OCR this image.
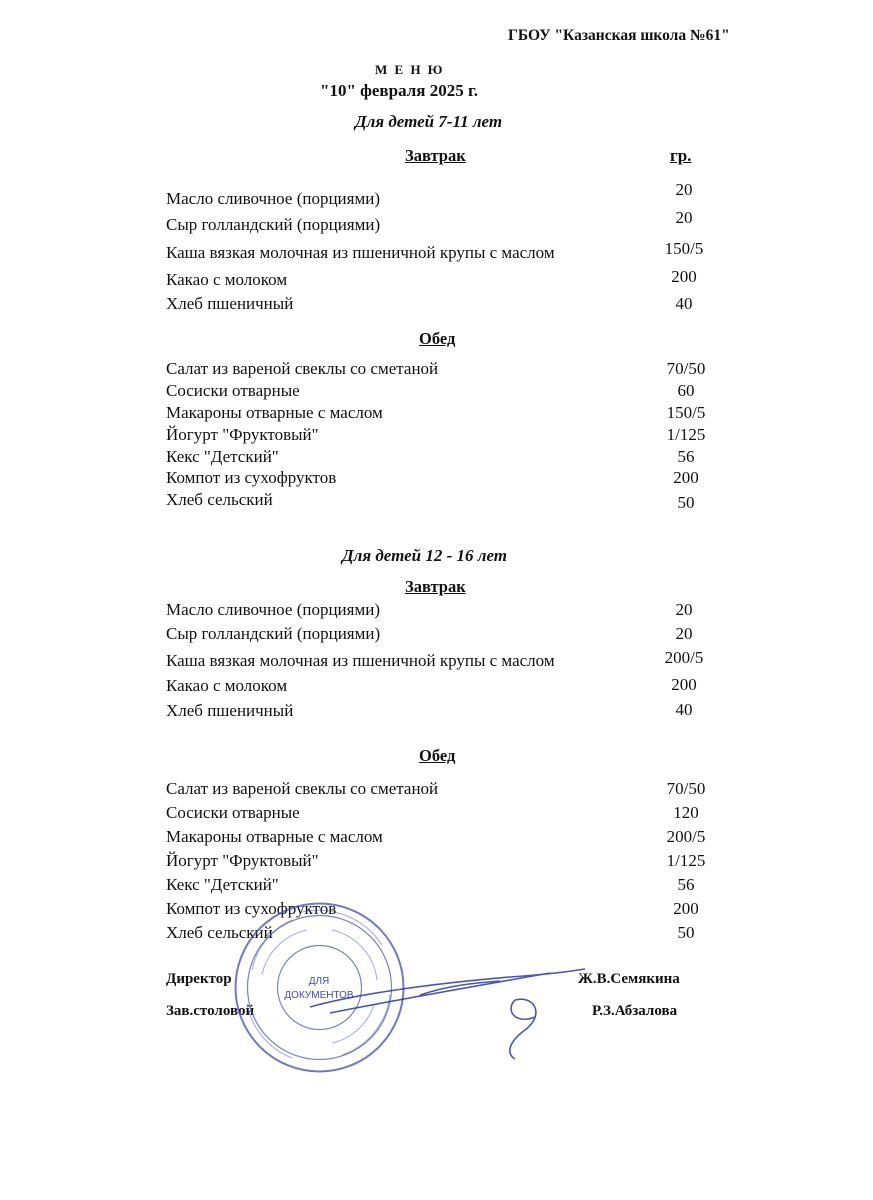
ГБОУ "Казанская школа №61"
М Е Н Ю
"10" февраля 2025 г.
Для детей 7-11 лет
Завтрак	гр.
Масло сливочное (порциями)	20
Сыр голландский (порциями)	20
Каша вязкая молочная из пшеничной крупы с маслом	150/5
Какао с молоком	200
Хлеб пшеничный	40
Обед
Салат из вареной свеклы со сметаной	70/50
Сосиски отварные	60
Макароны отварные с маслом	150/5
Йогурт "Фруктовый"	1/125
Кекс "Детский"	56
Компот из сухофруктов	200
Хлеб сельский	50
Для детей 12 - 16 лет
Завтрак
Масло сливочное (порциями)	20
Сыр голландский (порциями)	20
Каша вязкая молочная из пшеничной крупы с маслом	200/5
Какао с молоком	200
Хлеб пшеничный	40
Обед
Салат из вареной свеклы со сметаной	70/50
Сосиски отварные	120
Макароны отварные с маслом	200/5
Йогурт "Фруктовый"	1/125
Кекс "Детский"	56
Компот из сухофруктов	200
Хлеб сельский	50
Директор	Ж.В.Семякина
Зав.столовой	Р.З.Абзалова
ДЛЯ
ДОКУМЕНТОВ
